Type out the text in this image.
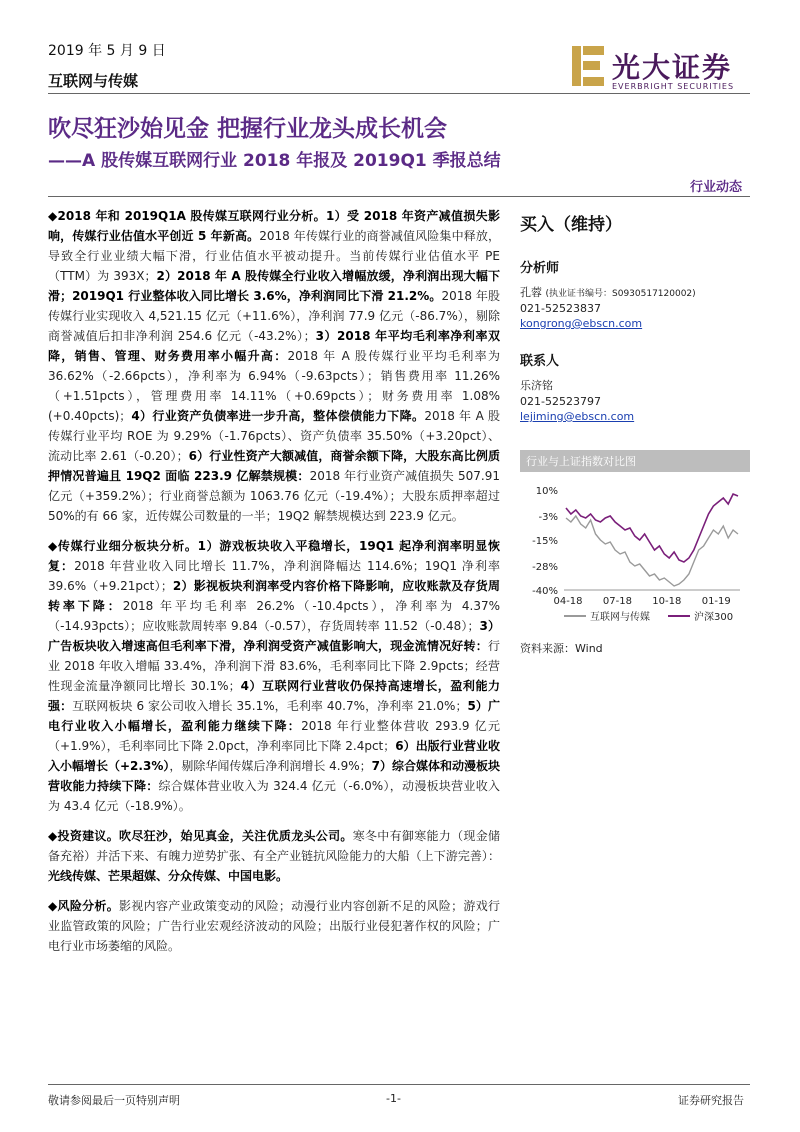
2019 年 5 月 9 日
互联网与传媒	光大证券
EVERBRIGHT SECURITIES
吹尽狂沙始见金 把握行业龙头成长机会
——A 股传媒互联网行业 2018 年报及 2019Q1 季报总结
行业动态

◆2018 年和 2019Q1A 股传媒互联网行业分析。1）受 2018 年资产减值损失影响，传媒行业估值水平创近 5 年新高。2018 年传媒行业的商誉减值风险集中释放，导致全行业业绩大幅下滑，行业估值水平被动提升。当前传媒行业估值水平 PE（TTM）为 393X；2）2018 年 A 股传媒全行业收入增幅放缓，净利润出现大幅下滑；2019Q1 行业整体收入同比增长 3.6%，净利润同比下滑 21.2%。2018 年股传媒行业实现收入 4,521.15 亿元（+11.6%），净利润 77.9 亿元（-86.7%），剔除商誉减值后扣非净利润 254.6 亿元（-43.2%）；3）2018 年平均毛利率净利率双降，销售、管理、财务费用率小幅升高：2018 年 A 股传媒行业平均毛利率为 36.62%（-2.66pcts），净利率为 6.94%（-9.63pcts）；销售费用率 11.26%（+1.51pcts），管理费用率 14.11%（+0.69pcts）；财务费用率 1.08%(+0.40pcts)；4）行业资产负债率进一步升高，整体偿债能力下降。2018 年 A 股传媒行业平均 ROE 为 9.29%（-1.76pcts）、资产负债率 35.50%（+3.20pct）、流动比率 2.61（-0.20）；6）行业性资产大额减值，商誉余额下降，大股东高比例质押情况普遍且 19Q2 面临 223.9 亿解禁规模：2018 年行业资产减值损失 507.91 亿元（+359.2%）；行业商誉总额为 1063.76 亿元（-19.4%）；大股东质押率超过 50%的有 66 家，近传媒公司数量的一半；19Q2 解禁规模达到 223.9 亿元。

◆传媒行业细分板块分析。1）游戏板块收入平稳增长，19Q1 起净利润率明显恢复：2018 年营业收入同比增长 11.7%，净利润降幅达 114.6%；19Q1 净利率 39.6%（+9.21pct）；2）影视板块利润率受内容价格下降影响，应收账款及存货周转率下降：2018 年平均毛利率 26.2%（-10.4pcts），净利率为 4.37%（-14.93pcts）；应收账款周转率 9.84（-0.57），存货周转率 11.52（-0.48）；3）广告板块收入增速高但毛利率下滑，净利润受资产减值影响大，现金流情况好转：行业 2018 年收入增幅 33.4%，净利润下滑 83.6%，毛利率同比下降 2.9pcts；经营性现金流量净额同比增长 30.1%；4）互联网行业营收仍保持高速增长，盈利能力强：互联网板块 6 家公司收入增长 35.1%，毛利率 40.7%，净利率 21.0%；5）广电行业收入小幅增长，盈利能力继续下降：2018 年行业整体营收 293.9 亿元（+1.9%），毛利率同比下降 2.0pct，净利率同比下降 2.4pct；6）出版行业营业收入小幅增长（+2.3%），剔除华闻传媒后净利润增长 4.9%；7）综合媒体和动漫板块营收能力持续下降：综合媒体营业收入为 324.4 亿元（-6.0%），动漫板块营业收入为 43.4 亿元（-18.9%）。

◆投资建议。吹尽狂沙，始见真金，关注优质龙头公司。寒冬中有御寒能力（现金储备充裕）并活下来、有魄力逆势扩张、有全产业链抗风险能力的大船（上下游完善）：光线传媒、芒果超媒、分众传媒、中国电影。

◆风险分析。影视内容产业政策变动的风险；动漫行业内容创新不足的风险；游戏行业监管政策的风险；广告行业宏观经济波动的风险；出版行业侵犯著作权的风险；广电行业市场萎缩的风险。

买入（维持）
分析师
孔蓉 (执业证书编号：S0930517120002)
021-52523837
kongrong@ebscn.com
联系人
乐济铭
021-52523797
lejiming@ebscn.com
行业与上证指数对比图
10%
-3%
-15%
-28%
-40%
04-18 07-18 10-18 01-19
互联网与传媒	沪深300
资料来源：Wind
敬请参阅最后一页特别声明	-1-	证券研究报告
